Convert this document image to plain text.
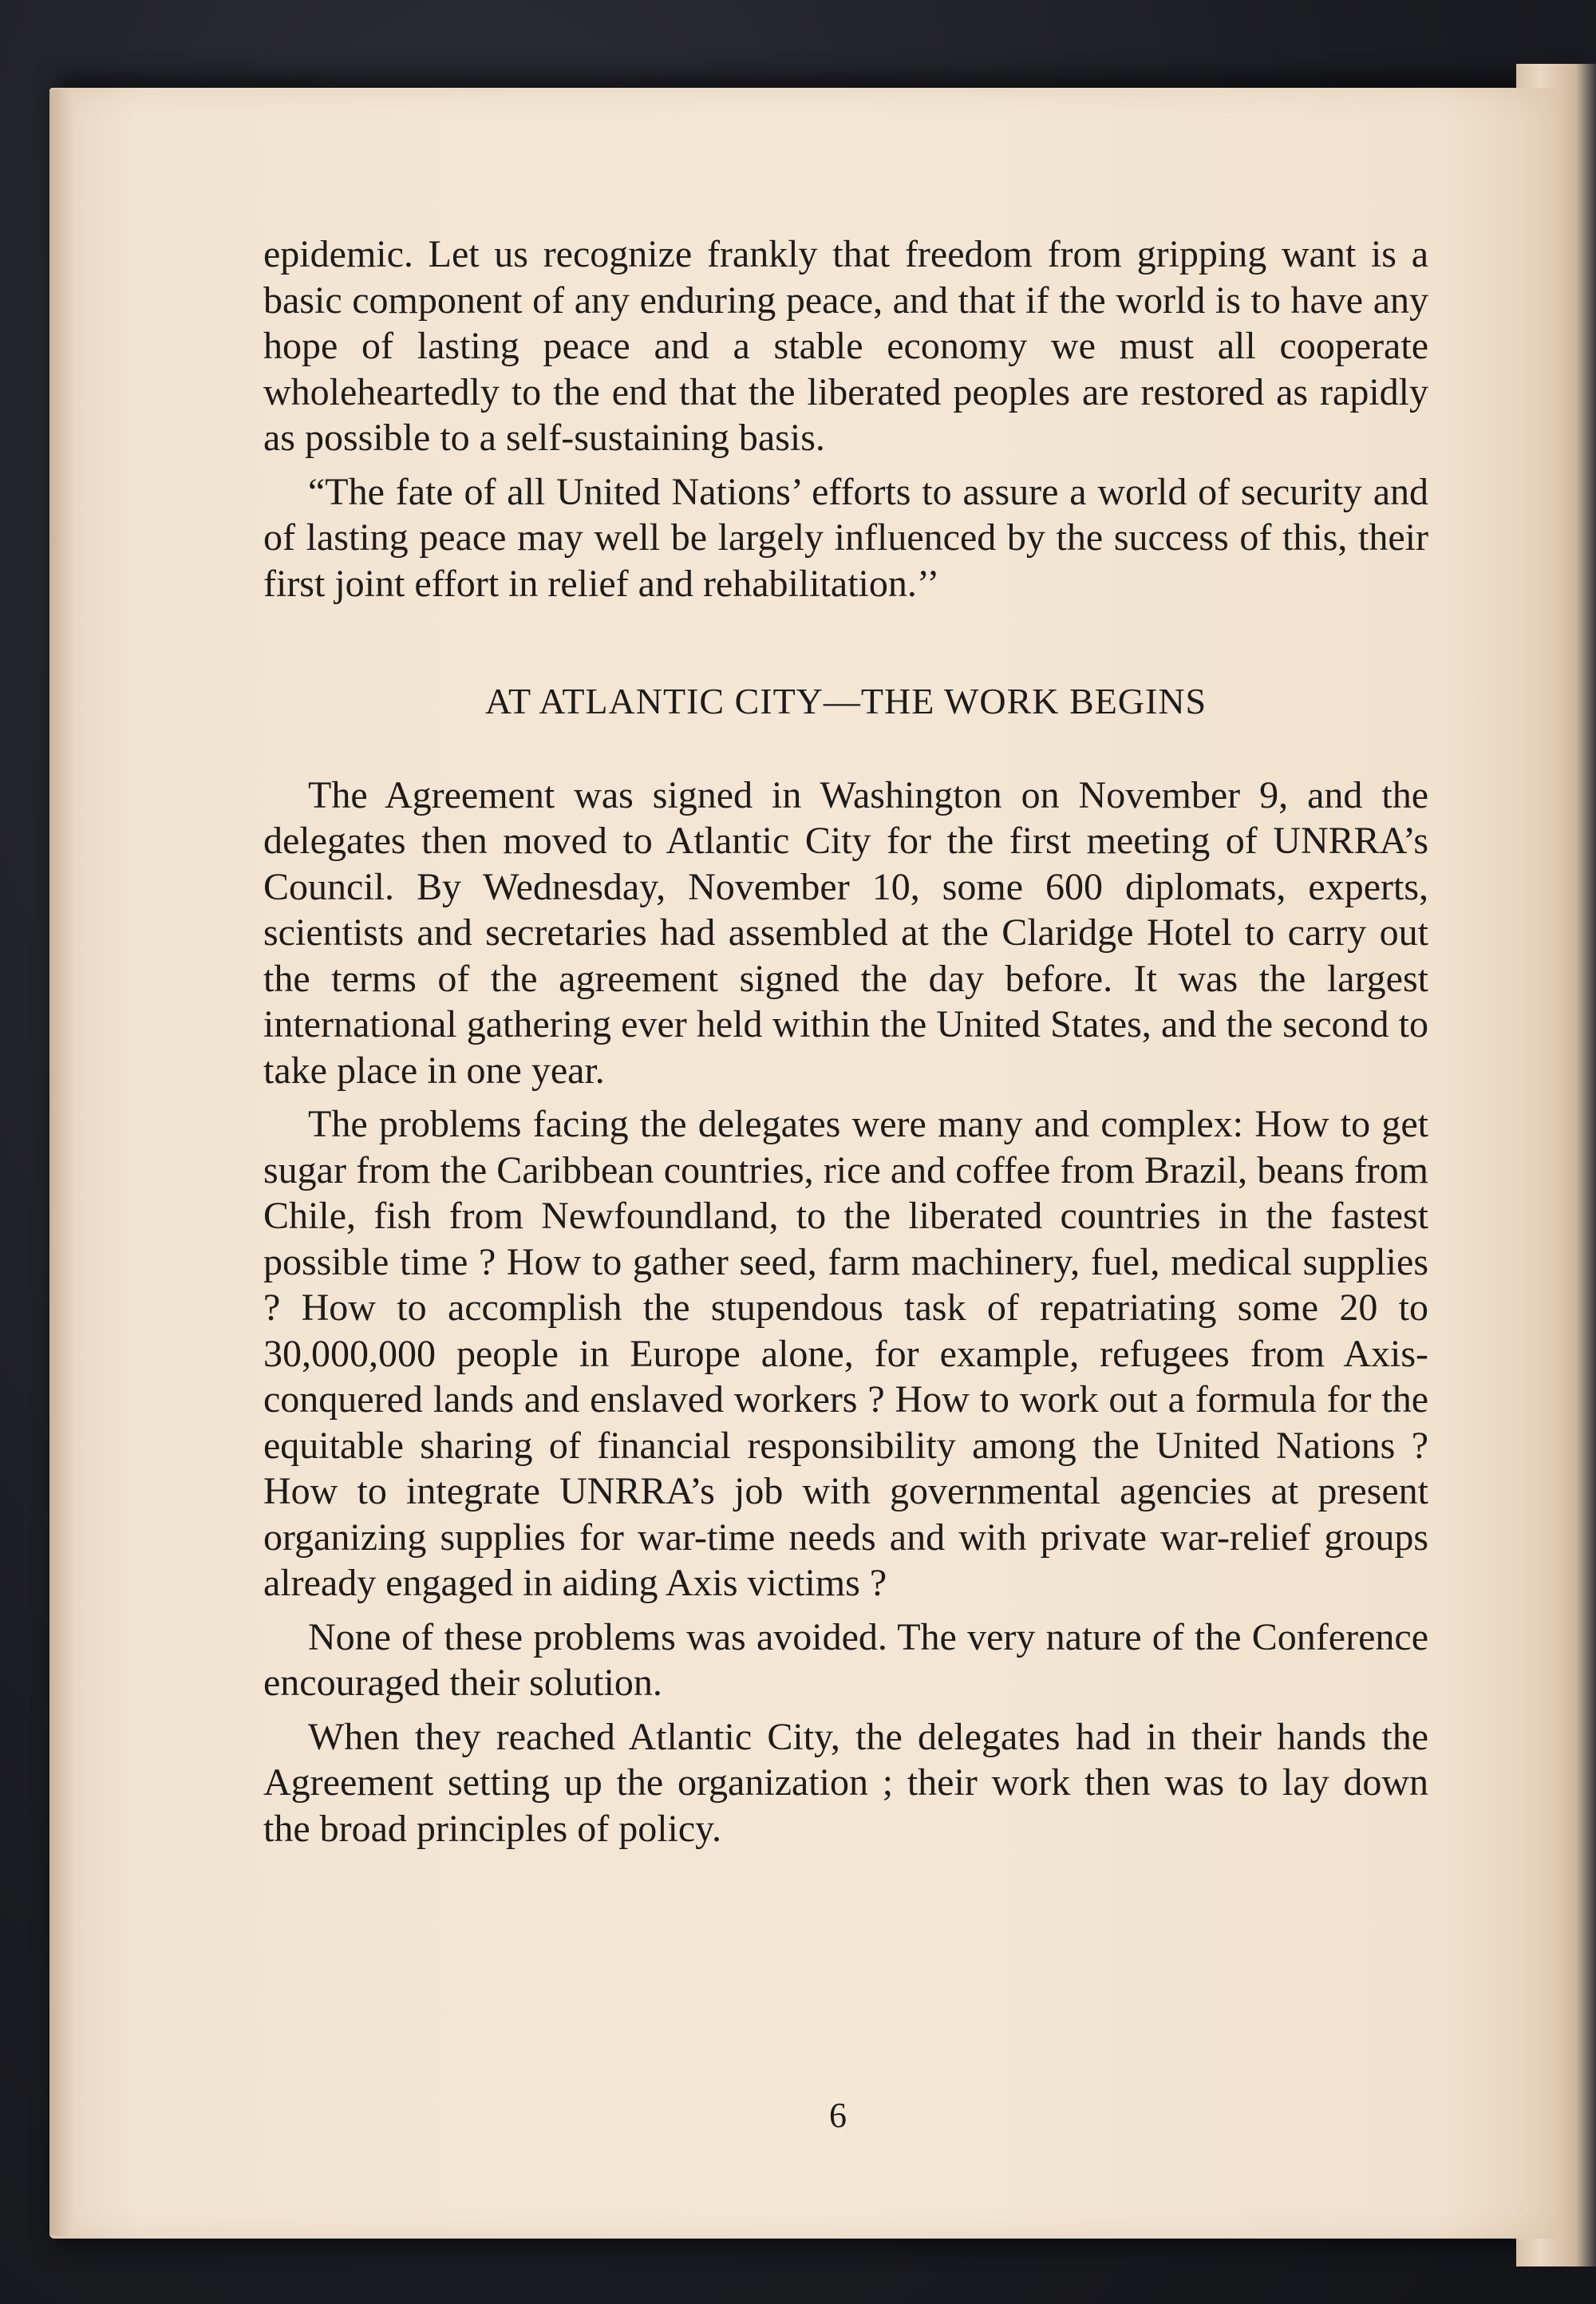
epidemic. Let us recognize frankly that freedom from gripping want is a basic component of any enduring peace, and that if the world is to have any hope of lasting peace and a stable economy we must all cooperate wholeheartedly to the end that the liberated peoples are restored as rapidly as possible to a self-sustaining basis.

“The fate of all United Nations’ efforts to assure a world of security and of lasting peace may well be largely influenced by the success of this, their first joint effort in relief and rehabilitation.’’

AT ATLANTIC CITY—THE WORK BEGINS

The Agreement was signed in Washington on November 9, and the delegates then moved to Atlantic City for the first meeting of UNRRA’s Council. By Wednesday, November 10, some 600 diplomats, experts, scientists and secretaries had assembled at the Claridge Hotel to carry out the terms of the agreement signed the day before. It was the largest international gathering ever held within the United States, and the second to take place in one year.

The problems facing the delegates were many and complex: How to get sugar from the Caribbean countries, rice and coffee from Brazil, beans from Chile, fish from Newfoundland, to the liberated countries in the fastest possible time ? How to gather seed, farm machinery, fuel, medical supplies ? How to accomplish the stupendous task of repatriating some 20 to 30,000,000 people in Europe alone, for example, refugees from Axis-conquered lands and enslaved workers ? How to work out a formula for the equitable sharing of financial responsibility among the United Nations ? How to integrate UNRRA’s job with governmental agencies at present organizing supplies for war-time needs and with private war-relief groups already engaged in aiding Axis victims ?

None of these problems was avoided. The very nature of the Conference encouraged their solution.

When they reached Atlantic City, the delegates had in their hands the Agreement setting up the organization ; their work then was to lay down the broad principles of policy.

6
